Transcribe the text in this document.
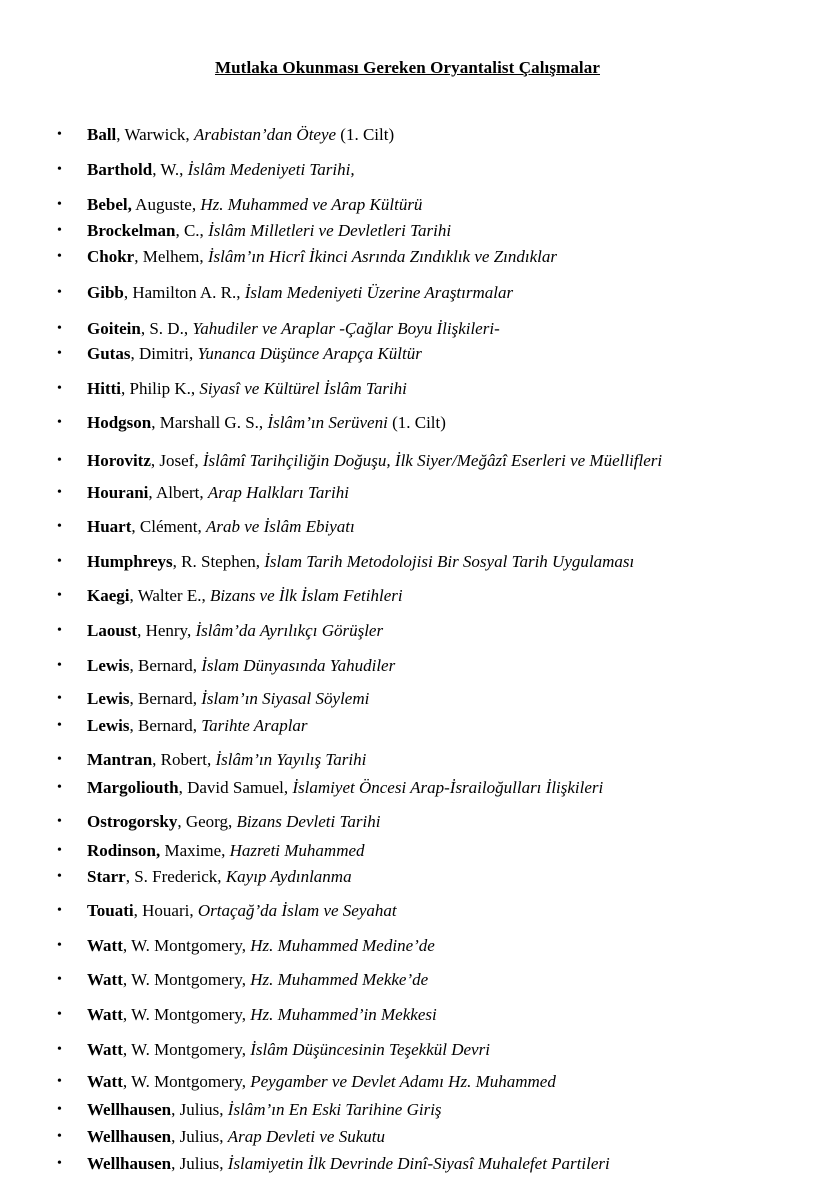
Mutlaka Okunması Gereken Oryantalist Çalışmalar
• Ball, Warwick, Arabistan’dan Öteye (1. Cilt)
• Barthold, W., İslâm Medeniyeti Tarihi,
• Bebel, Auguste, Hz. Muhammed ve Arap Kültürü
• Brockelman, C., İslâm Milletleri ve Devletleri Tarihi
• Chokr, Melhem, İslâm’ın Hicrî İkinci Asrında Zındıklık ve Zındıklar
• Gibb, Hamilton A. R., İslam Medeniyeti Üzerine Araştırmalar
• Goitein, S. D., Yahudiler ve Araplar -Çağlar Boyu İlişkileri-
• Gutas, Dimitri, Yunanca Düşünce Arapça Kültür
• Hitti, Philip K., Siyasî ve Kültürel İslâm Tarihi
• Hodgson, Marshall G. S., İslâm’ın Serüveni (1. Cilt)
• Horovitz, Josef, İslâmî Tarihçiliğin Doğuşu, İlk Siyer/Meğâzî Eserleri ve Müellifleri
• Hourani, Albert, Arap Halkları Tarihi
• Huart, Clément, Arab ve İslâm Ebiyatı
• Humphreys, R. Stephen, İslam Tarih Metodolojisi Bir Sosyal Tarih Uygulaması
• Kaegi, Walter E., Bizans ve İlk İslam Fetihleri
• Laoust, Henry, İslâm’da Ayrılıkçı Görüşler
• Lewis, Bernard, İslam Dünyasında Yahudiler
• Lewis, Bernard, İslam’ın Siyasal Söylemi
• Lewis, Bernard, Tarihte Araplar
• Mantran, Robert, İslâm’ın Yayılış Tarihi
• Margoliouth, David Samuel, İslamiyet Öncesi Arap-İsrailoğulları İlişkileri
• Ostrogorsky, Georg, Bizans Devleti Tarihi
• Rodinson, Maxime, Hazreti Muhammed
• Starr, S. Frederick, Kayıp Aydınlanma
• Touati, Houari, Ortaçağ’da İslam ve Seyahat
• Watt, W. Montgomery, Hz. Muhammed Medine’de
• Watt, W. Montgomery, Hz. Muhammed Mekke’de
• Watt, W. Montgomery, Hz. Muhammed’in Mekkesi
• Watt, W. Montgomery, İslâm Düşüncesinin Teşekkül Devri
• Watt, W. Montgomery, Peygamber ve Devlet Adamı Hz. Muhammed
• Wellhausen, Julius, İslâm’ın En Eski Tarihine Giriş
• Wellhausen, Julius, Arap Devleti ve Sukutu
• Wellhausen, Julius, İslamiyetin İlk Devrinde Dinî-Siyasî Muhalefet Partileri
